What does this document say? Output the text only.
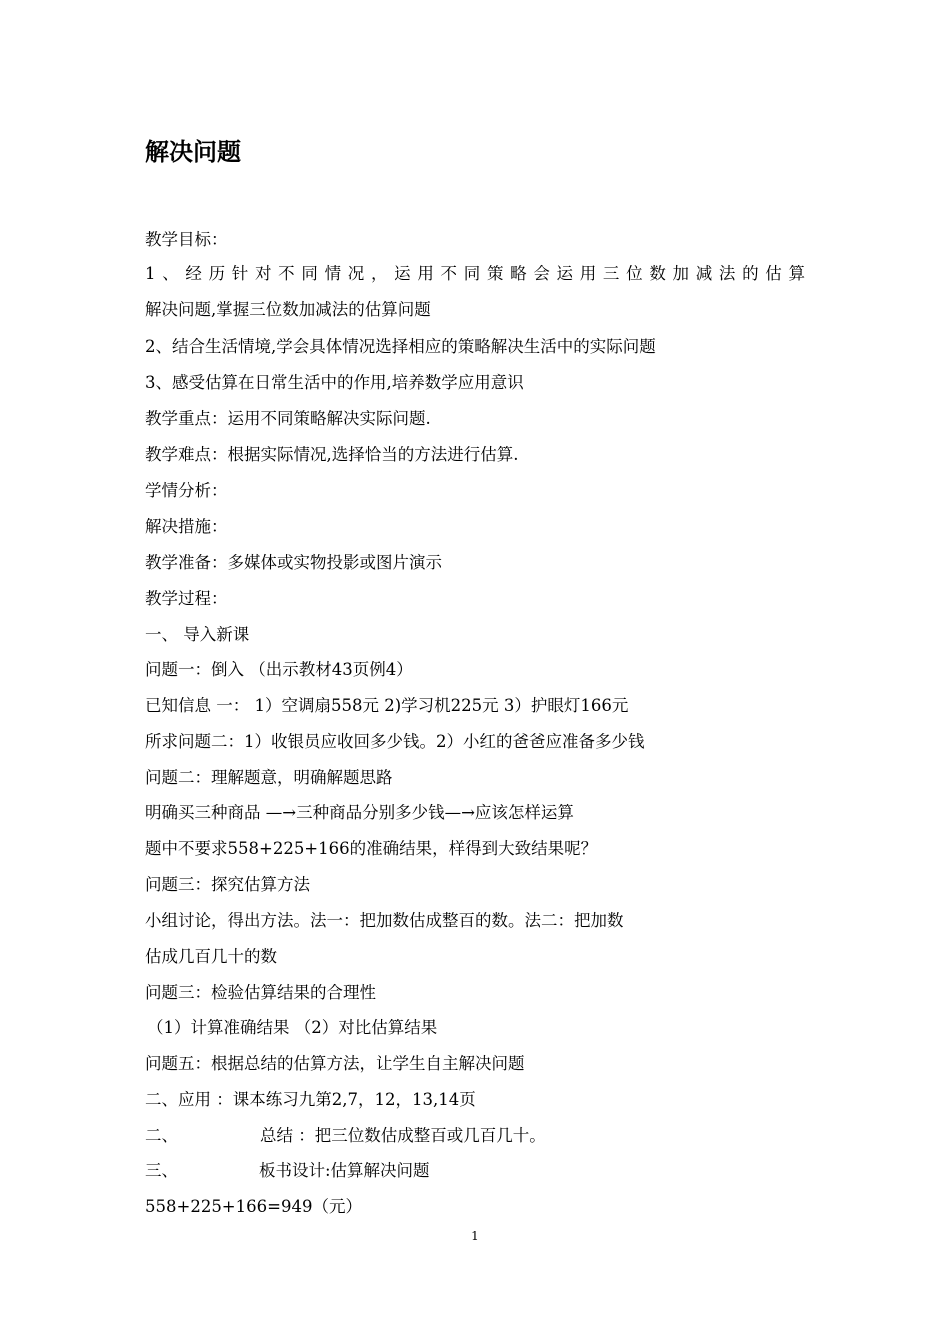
解决问题
教学目标：
1、经历针对不同情况，运用不同策略会运用三位数加减法的估算
解决问题,掌握三位数加减法的估算问题
2、结合生活情境,学会具体情况选择相应的策略解决生活中的实际问题
3、感受估算在日常生活中的作用,培养数学应用意识
教学重点：运用不同策略解决实际问题.
教学难点：根据实际情况,选择恰当的方法进行估算.
学情分析：
解决措施：
教学准备：多媒体或实物投影或图片演示
教学过程：
一、 导入新课
问题一：倒入 （出示教材43页例4）
已知信息 一： 1）空调扇558元 2)学习机225元 3）护眼灯166元
所求问题二：1）收银员应收回多少钱。2）小红的爸爸应准备多少钱
问题二：理解题意，明确解题思路
明确买三种商品 —→三种商品分别多少钱—→应该怎样运算
题中不要求558+225+166的准确结果，样得到大致结果呢？
问题三：探究估算方法
小组讨论，得出方法。法一：把加数估成整百的数。法二：把加数
估成几百几十的数
问题三：检验估算结果的合理性
（1）计算准确结果 （2）对比估算结果
问题五：根据总结的估算方法，让学生自主解决问题
二、应用 ：课本练习九第2,7，12，13,14页
二、	总结 ：把三位数估成整百或几百几十。
三、	板书设计:估算解决问题
558+225+166=949（元）
1
